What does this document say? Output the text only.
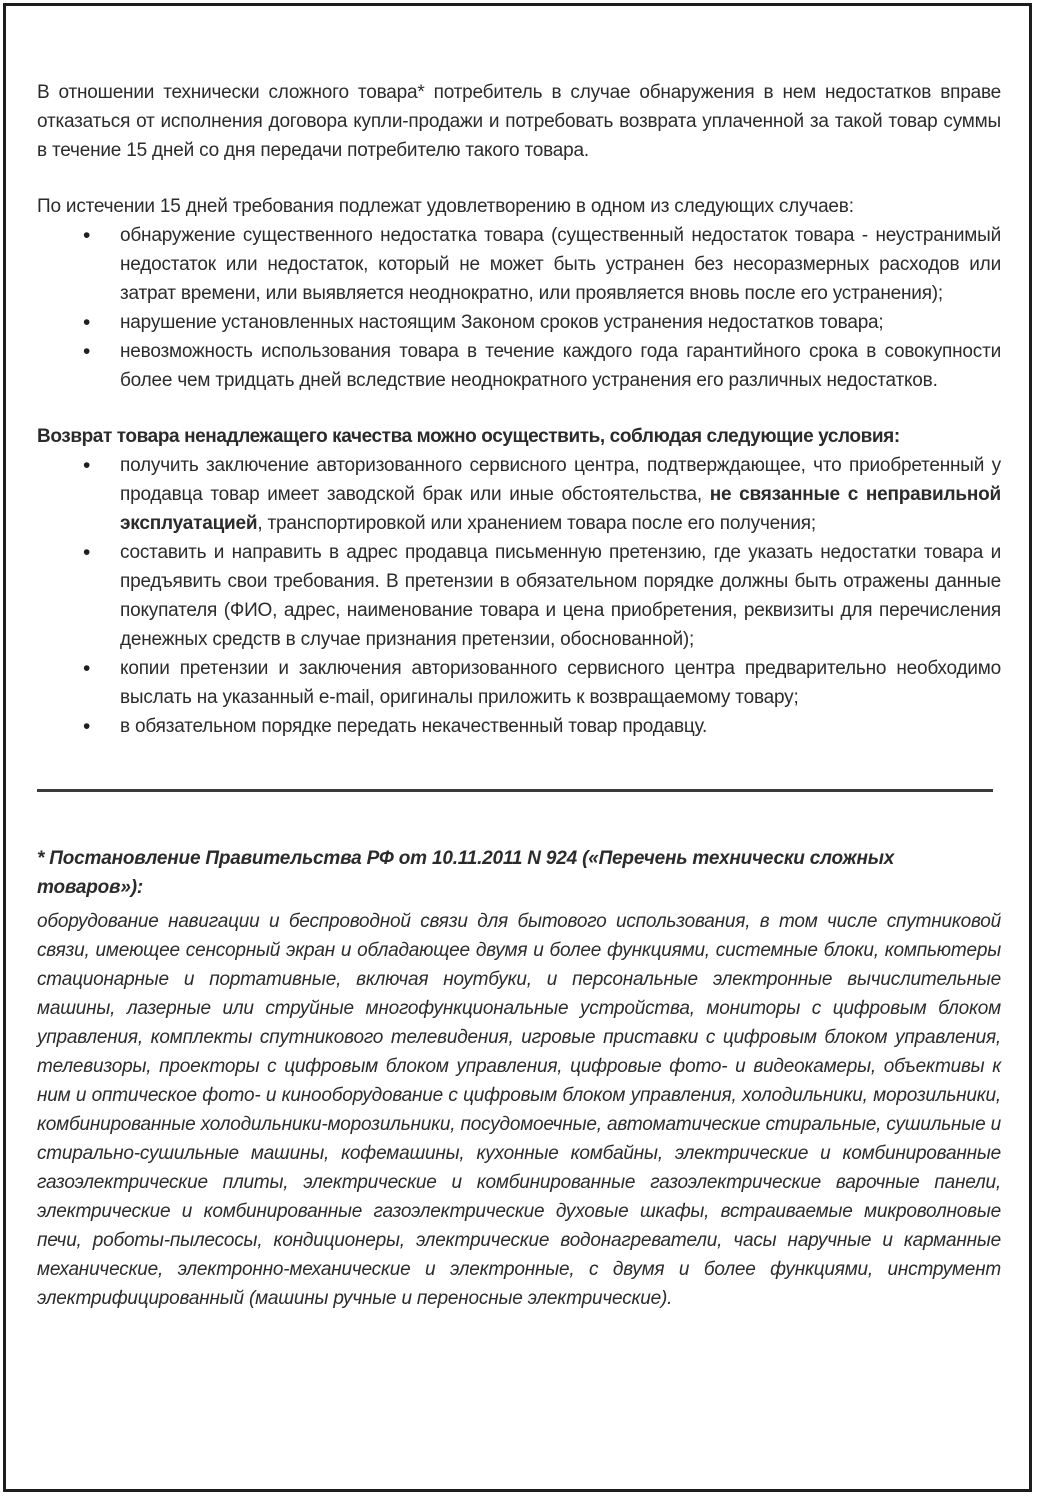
В отношении технически сложного товара* потребитель в случае обнаружения в нем недостатков вправе отказаться от исполнения договора купли-продажи и потребовать возврата уплаченной за такой товар суммы в течение 15 дней со дня передачи потребителю такого товара.

По истечении 15 дней требования подлежат удовлетворению в одном из следующих случаев:

• обнаружение существенного недостатка товара (существенный недостаток товара - неустранимый недостаток или недостаток, который не может быть устранен без несоразмерных расходов или затрат времени, или выявляется неоднократно, или проявляется вновь после его устранения);
• нарушение установленных настоящим Законом сроков устранения недостатков товара;
• невозможность использования товара в течение каждого года гарантийного срока в совокупности более чем тридцать дней вследствие неоднократного устранения его различных недостатков.

Возврат товара ненадлежащего качества можно осуществить, соблюдая следующие условия:

• получить заключение авторизованного сервисного центра, подтверждающее, что приобретенный у продавца товар имеет заводской брак или иные обстоятельства, не связанные с неправильной эксплуатацией, транспортировкой или хранением товара после его получения;
• составить и направить в адрес продавца письменную претензию, где указать недостатки товара и предъявить свои требования. В претензии в обязательном порядке должны быть отражены данные покупателя (ФИО, адрес, наименование товара и цена приобретения, реквизиты для перечисления денежных средств в случае признания претензии, обоснованной);
• копии претензии и заключения авторизованного сервисного центра предварительно необходимо выслать на указанный e-mail, оригиналы приложить к возвращаемому товару;
• в обязательном порядке передать некачественный товар продавцу.

* Постановление Правительства РФ от 10.11.2011 N 924 («Перечень технически сложных товаров»):

оборудование навигации и беспроводной связи для бытового использования, в том числе спутниковой связи, имеющее сенсорный экран и обладающее двумя и более функциями, системные блоки, компьютеры стационарные и портативные, включая ноутбуки, и персональные электронные вычислительные машины, лазерные или струйные многофункциональные устройства, мониторы с цифровым блоком управления, комплекты спутникового телевидения, игровые приставки с цифровым блоком управления, телевизоры, проекторы с цифровым блоком управления, цифровые фото- и видеокамеры, объективы к ним и оптическое фото- и кинооборудование с цифровым блоком управления, холодильники, морозильники, комбинированные холодильники-морозильники, посудомоечные, автоматические стиральные, сушильные и стирально-сушильные машины, кофемашины, кухонные комбайны, электрические и комбинированные газоэлектрические плиты, электрические и комбинированные газоэлектрические варочные панели, электрические и комбинированные газоэлектрические духовые шкафы, встраиваемые микроволновые печи, роботы-пылесосы, кондиционеры, электрические водонагреватели, часы наручные и карманные механические, электронно-механические и электронные, с двумя и более функциями, инструмент электрифицированный (машины ручные и переносные электрические).
